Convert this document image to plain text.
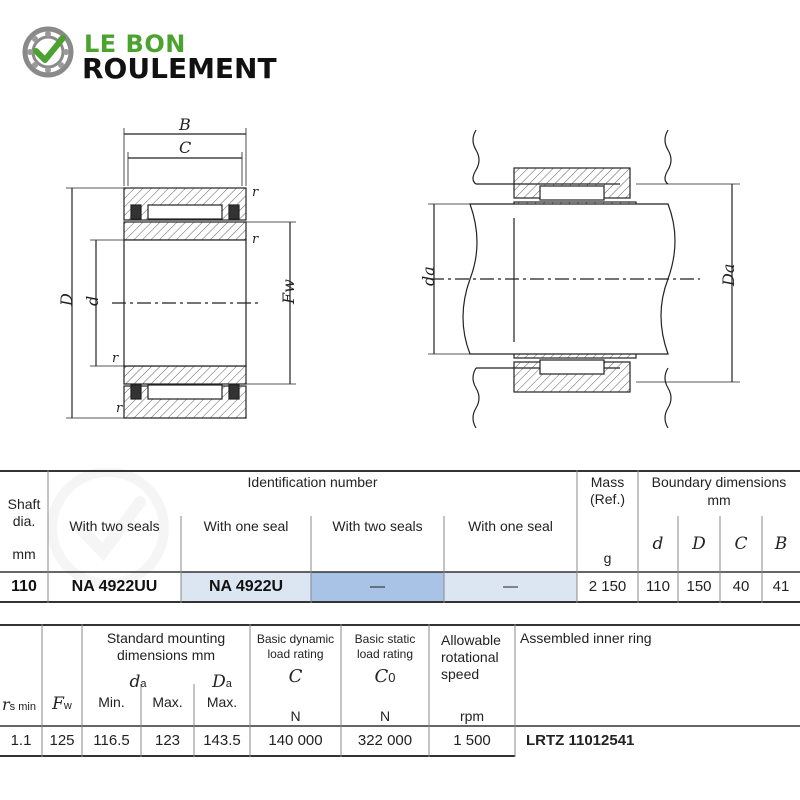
LE BON
ROULEMENT
B
C
r
r
r
r
D d	Fw
da	Da
Shaft
dia.
mm
Identification number
With two seals	With one seal	With two seals	With one seal
Mass
(Ref.)
g
Boundary dimensions
mm
d	D	C	B
110	NA 4922UU	NA 4922U	—	—	2 150	110	150	40	41
Standard mounting
dimensions mm
Basic dynamic
load rating
C
N
Basic static
load rating
C0
N
Allowable
rotational
speed
rpm
Assembled inner ring
rs min Fw
da	Da
Min.	Max.	Max.
1.1	125	116.5	123	143.5	140 000	322 000	1 500	LRTZ 11012541
